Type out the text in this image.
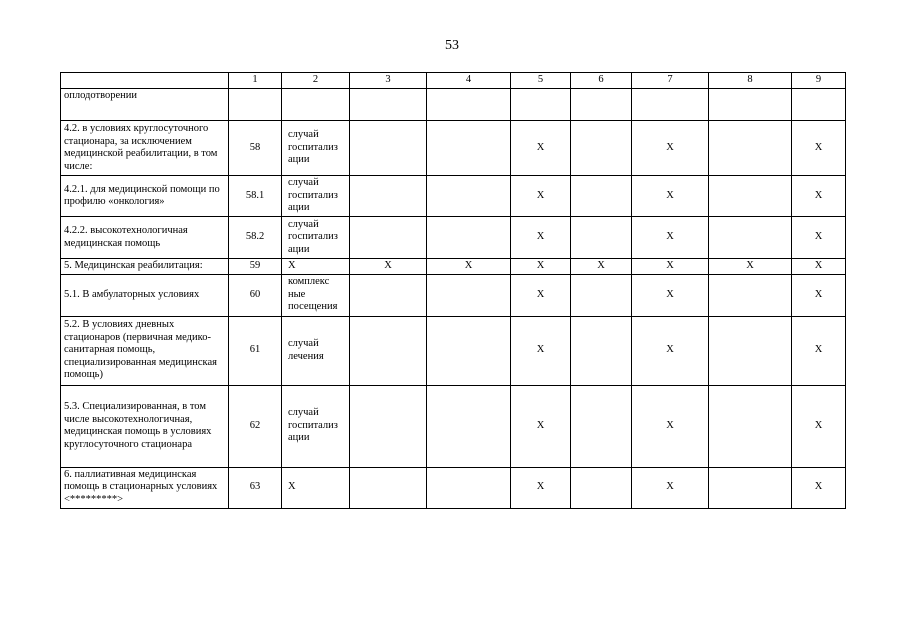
53
	1	2	3	4	5	6	7	8	9
оплодотворении									
4.2. в условиях круглосуточного стационара, за исключением медицинской реабилитации, в том числе:	58	случай госпитализ ации			Х		Х		Х
4.2.1. для медицинской помощи по профилю «онкология»	58.1	случай госпитализ ации			Х		Х		Х
4.2.2. высокотехнологичная медицинская помощь	58.2	случай госпитализ ации			Х		Х		Х
5. Медицинская реабилитация:	59	Х	Х	Х	Х	Х	Х	Х	Х
5.1. В амбулаторных условиях	60	комплекс ные посещения			Х		Х		Х
5.2. В условиях дневных стационаров (первичная медико-санитарная помощь, специализированная медицинская помощь)	61	случай лечения			Х		Х		Х
5.3. Специализированная, в том числе высокотехнологичная, медицинская помощь в условиях круглосуточного стационара	62	случай госпитализ ации			Х		Х		Х
6. паллиативная медицинская помощь в стационарных условиях <*********>	63	Х			Х		Х		Х
